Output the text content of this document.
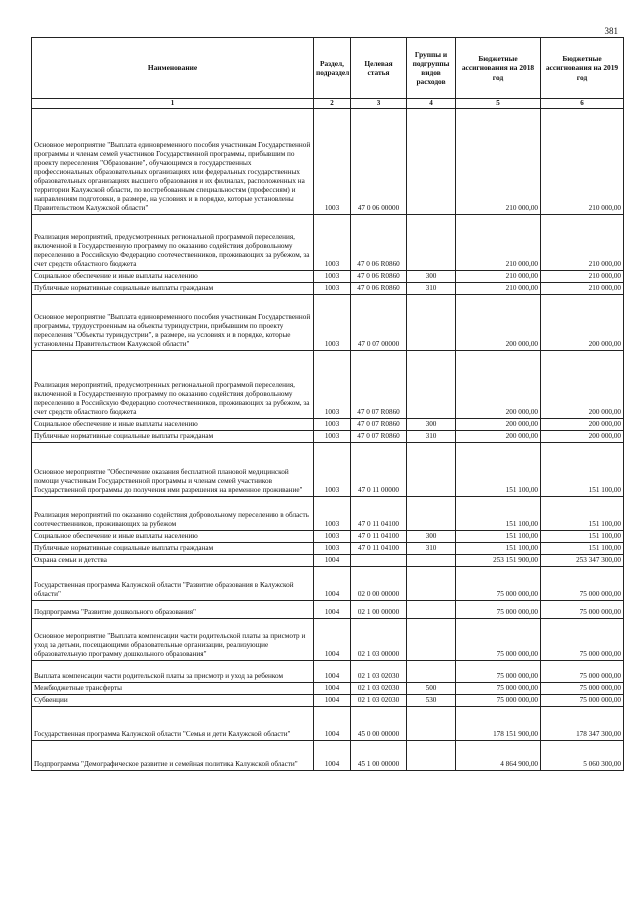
381
Наименование	Раздел, подраздел	Целевая статья	Группы и подгруппы видов расходов	Бюджетные ассигнования на 2018 год	Бюджетные ассигнования на 2019 год
1	2	3	4	5	6
Основное мероприятие "Выплата единовременного пособия участникам Государственной программы и членам семей участников Государственной программы, прибывшим по проекту переселения "Образование", обучающимся в государственных профессиональных образовательных организациях или федеральных государственных образовательных организациях высшего образования и их филиалах, расположенных на территории Калужской области, по востребованным специальностям (профессиям) и направлениям подготовки, в размере, на условиях и в порядке, которые установлены Правительством Калужской области"	1003	47 0 06 00000		210 000,00	210 000,00
Реализация мероприятий, предусмотренных региональной программой переселения, включенной в Государственную программу по оказанию содействия добровольному переселению в Российскую Федерацию соотечественников, проживающих за рубежом, за счет средств областного бюджета	1003	47 0 06 R0860		210 000,00	210 000,00
Социальное обеспечение и иные выплаты населению	1003	47 0 06 R0860	300	210 000,00	210 000,00
Публичные нормативные социальные выплаты гражданам	1003	47 0 06 R0860	310	210 000,00	210 000,00
Основное мероприятие "Выплата единовременного пособия участникам Государственной программы, трудоустроенным на объекты туриндустрии, прибывшим по проекту переселения "Объекты туриндустрии", в размере, на условиях и в порядке, которые установлены Правительством Калужской области"	1003	47 0 07 00000		200 000,00	200 000,00
Реализация мероприятий, предусмотренных региональной программой переселения, включенной в Государственную программу по оказанию содействия добровольному переселению в Российскую Федерацию соотечественников, проживающих за рубежом, за счет средств областного бюджета	1003	47 0 07 R0860		200 000,00	200 000,00
Социальное обеспечение и иные выплаты населению	1003	47 0 07 R0860	300	200 000,00	200 000,00
Публичные нормативные социальные выплаты гражданам	1003	47 0 07 R0860	310	200 000,00	200 000,00
Основное мероприятие "Обеспечение оказания бесплатной плановой медицинской помощи участникам Государственной программы и членам семей участников Государственной программы до получения ими разрешения на временное проживание"	1003	47 0 11 00000		151 100,00	151 100,00
Реализация мероприятий по оказанию содействия добровольному переселению в область соотечественников, проживающих за рубежом	1003	47 0 11 04100		151 100,00	151 100,00
Социальное обеспечение и иные выплаты населению	1003	47 0 11 04100	300	151 100,00	151 100,00
Публичные нормативные социальные выплаты гражданам	1003	47 0 11 04100	310	151 100,00	151 100,00
Охрана семьи и детства	1004			253 151 900,00	253 347 300,00
Государственная программа Калужской области "Развитие образования в Калужской области"	1004	02 0 00 00000		75 000 000,00	75 000 000,00
Подпрограмма "Развитие дошкольного образования"	1004	02 1 00 00000		75 000 000,00	75 000 000,00
Основное мероприятие "Выплата компенсации части родительской платы за присмотр и уход за детьми, посещающими образовательные организации, реализующие образовательную программу дошкольного образования"	1004	02 1 03 00000		75 000 000,00	75 000 000,00
Выплата компенсации части родительской платы за присмотр и уход за ребенком	1004	02 1 03 02030		75 000 000,00	75 000 000,00
Межбюджетные трансферты	1004	02 1 03 02030	500	75 000 000,00	75 000 000,00
Субвенции	1004	02 1 03 02030	530	75 000 000,00	75 000 000,00
Государственная программа Калужской области "Семья и дети Калужской области"	1004	45 0 00 00000		178 151 900,00	178 347 300,00
Подпрограмма "Демографическое развитие и семейная политика Калужской области"	1004	45 1 00 00000		4 864 900,00	5 060 300,00
